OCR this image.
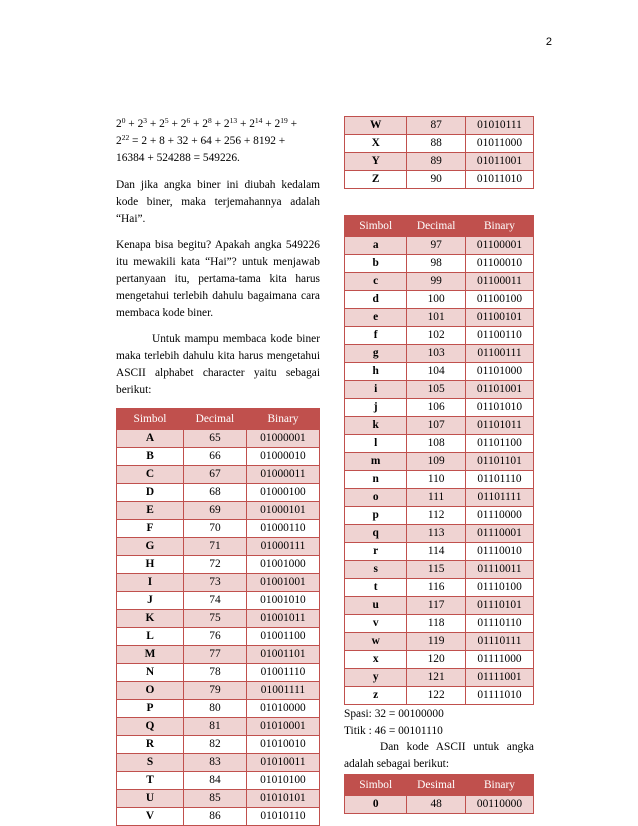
2
$2^0 + 2^3 + 2^5 + 2^6 + 2^8 + 2^{13} + 2^{14} + 2^{19}$ +
$2^{22} = 2 + 8 + 32 + 64 + 256 + 8192$ +
16384 + 524288 = 549226.

Dan jika angka biner ini diubah kedalam kode biner, maka terjemahannya adalah “Hai”.

Kenapa bisa begitu? Apakah angka 549226 itu mewakili kata “Hai”? untuk menjawab pertanyaan itu, pertama-tama kita harus mengetahui terlebih dahulu bagaimana cara membaca kode biner.

Untuk mampu membaca kode biner maka terlebih dahulu kita harus mengetahui ASCII alphabet character yaitu sebagai berikut:

Simbol	Decimal	Binary
A	65	01000001
B	66	01000010
C	67	01000011
D	68	01000100
E	69	01000101
F	70	01000110
G	71	01000111
H	72	01001000
I	73	01001001
J	74	01001010
K	75	01001011
L	76	01001100
M	77	01001101
N	78	01001110
O	79	01001111
P	80	01010000
Q	81	01010001
R	82	01010010
S	83	01010011
T	84	01010100
U	85	01010101
V	86	01010110
W	87	01010111
X	88	01011000
Y	89	01011001
Z	90	01011010
Simbol	Decimal	Binary
a	97	01100001
b	98	01100010
c	99	01100011
d	100	01100100
e	101	01100101
f	102	01100110
g	103	01100111
h	104	01101000
i	105	01101001
j	106	01101010
k	107	01101011
l	108	01101100
m	109	01101101
n	110	01101110
o	111	01101111
p	112	01110000
q	113	01110001
r	114	01110010
s	115	01110011
t	116	01110100
u	117	01110101
v	118	01110110
w	119	01110111
x	120	01111000
y	121	01111001
z	122	01111010

Spasi: 32 = 00100000

Titik : 46 = 00101110

Dan kode ASCII untuk angka adalah sebagai berikut:

Simbol	Desimal	Binary
0	48	00110000
